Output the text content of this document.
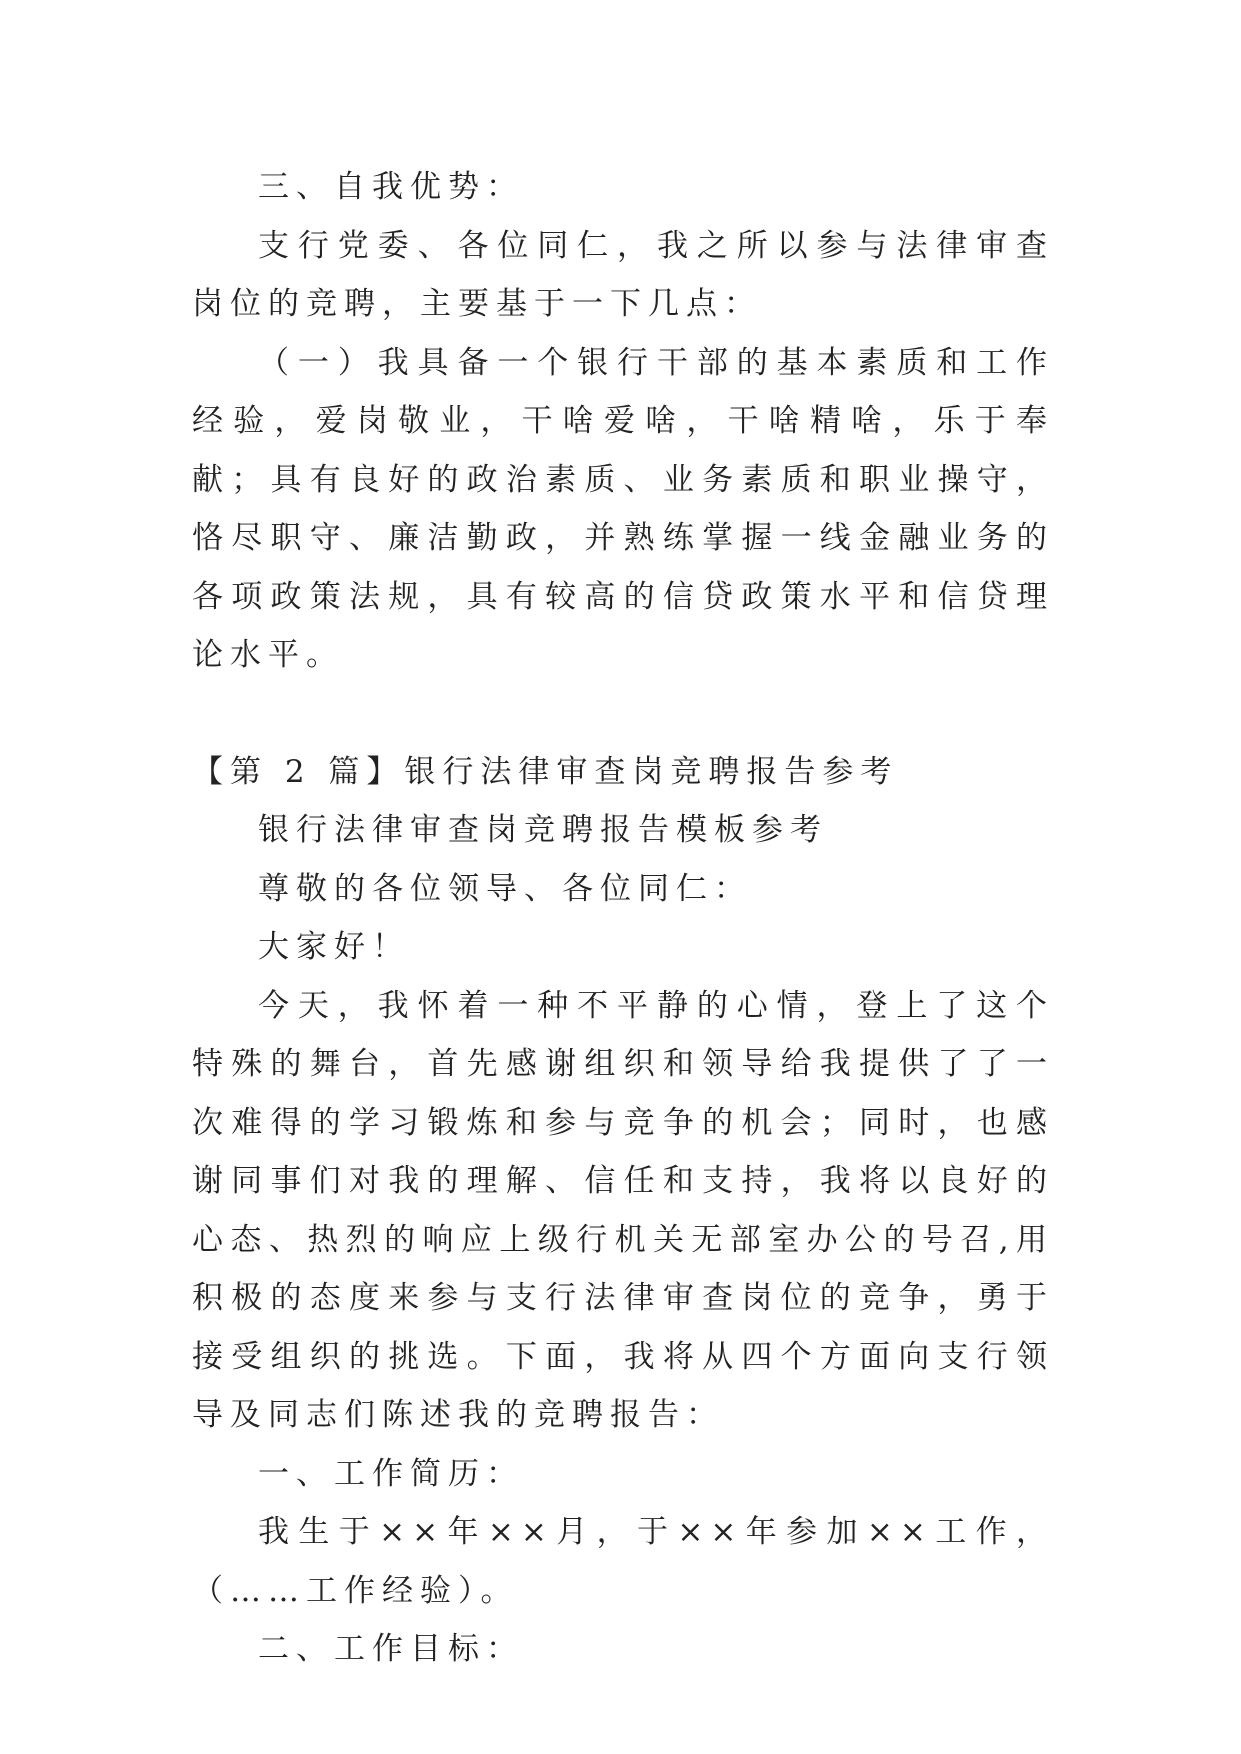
三、自我优势：

支行党委、各位同仁，我之所以参与法律审查岗位的竞聘，主要基于一下几点：

（一）我具备一个银行干部的基本素质和工作经验，爱岗敬业，干啥爱啥，干啥精啥，乐于奉献；具有良好的政治素质、业务素质和职业操守，恪尽职守、廉洁勤政，并熟练掌握一线金融业务的各项政策法规，具有较高的信贷政策水平和信贷理论水平。

【第 2 篇】银行法律审查岗竞聘报告参考

银行法律审查岗竞聘报告模板参考

尊敬的各位领导、各位同仁：

大家好！

今天，我怀着一种不平静的心情，登上了这个特殊的舞台，首先感谢组织和领导给我提供了了一次难得的学习锻炼和参与竞争的机会；同时，也感谢同事们对我的理解、信任和支持，我将以良好的心态、热烈的响应上级行机关无部室办公的号召,用积极的态度来参与支行法律审查岗位的竞争，勇于接受组织的挑选。下面，我将从四个方面向支行领导及同志们陈述我的竞聘报告：

一、工作简历：

我生于××年××月，于××年参加××工作，（……工作经验）。

二、工作目标：
